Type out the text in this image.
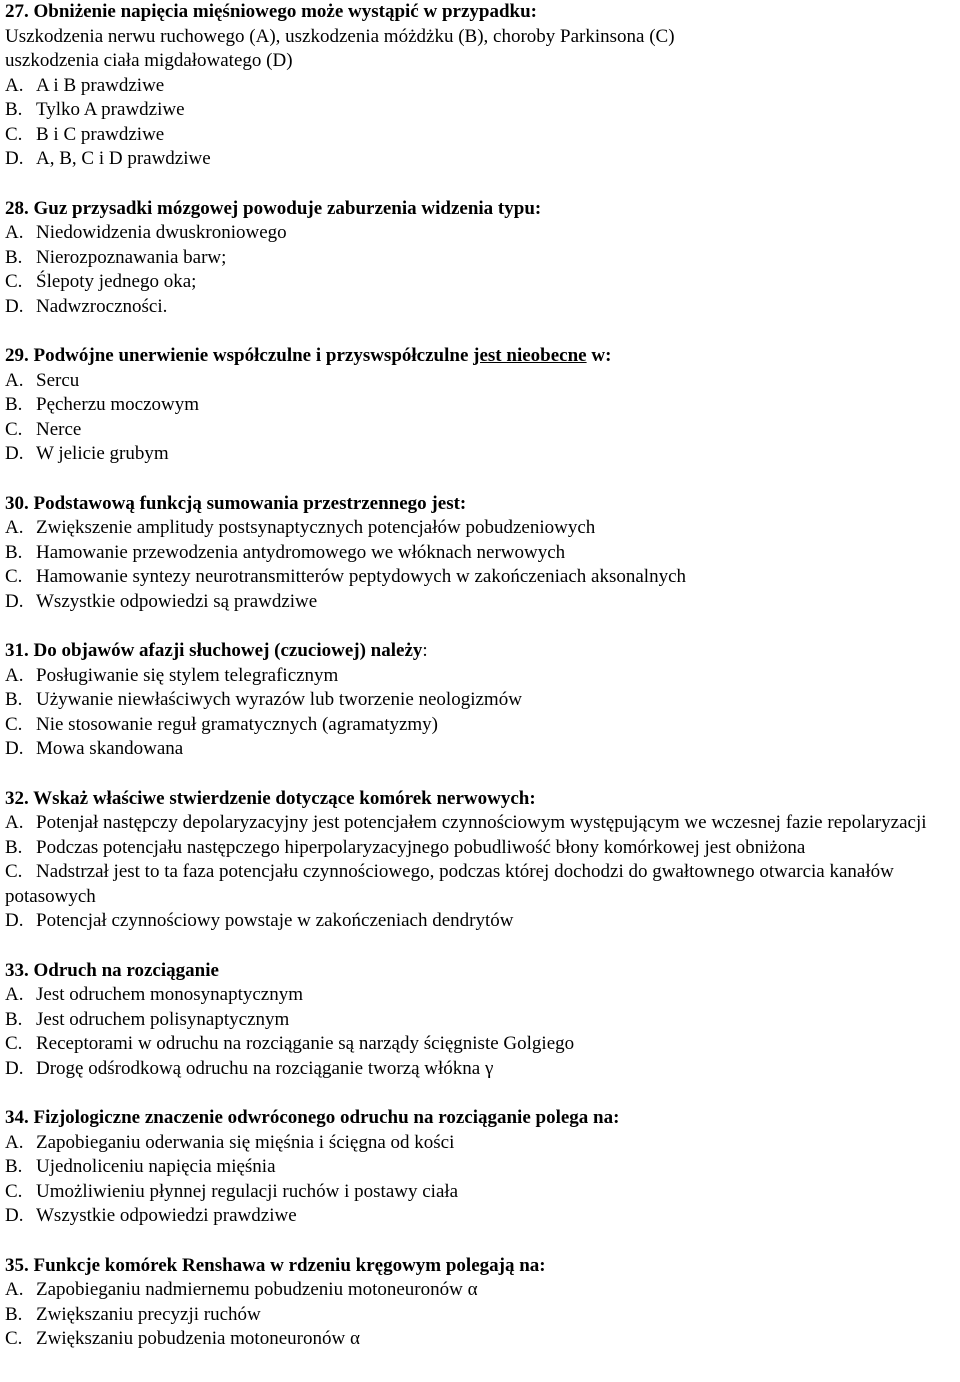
27. Obniżenie napięcia mięśniowego może wystąpić w przypadku:
Uszkodzenia nerwu ruchowego (A), uszkodzenia móżdżku (B), choroby Parkinsona (C)
uszkodzenia ciała migdałowatego (D)
A. A i B prawdziwe
B. Tylko A prawdziwe
C. B i C prawdziwe
D. A, B, C i D prawdziwe
28. Guz przysadki mózgowej powoduje zaburzenia widzenia typu:
A. Niedowidzenia dwuskroniowego
B. Nierozpoznawania barw;
C. Ślepoty jednego oka;
D. Nadwzroczności.
29. Podwójne unerwienie współczulne i przyswspółczulne jest nieobecne w:
A. Sercu
B. Pęcherzu moczowym
C. Nerce
D. W jelicie grubym
30. Podstawową funkcją sumowania przestrzennego jest:
A. Zwiększenie amplitudy postsynaptycznych potencjałów pobudzeniowych
B. Hamowanie przewodzenia antydromowego we włóknach nerwowych
C. Hamowanie syntezy neurotransmitterów peptydowych w zakończeniach aksonalnych
D. Wszystkie odpowiedzi są prawdziwe
31. Do objawów afazji słuchowej (czuciowej) należy:
A. Posługiwanie się stylem telegraficznym
B. Używanie niewłaściwych wyrazów lub tworzenie neologizmów
C. Nie stosowanie reguł gramatycznych (agramatyzmy)
D. Mowa skandowana
32. Wskaż właściwe stwierdzenie dotyczące komórek nerwowych:
A. Potenjał następczy depolaryzacyjny jest potencjałem czynnościowym występującym we wczesnej fazie repolaryzacji
B. Podczas potencjału następczego hiperpolaryzacyjnego pobudliwość błony komórkowej jest obniżona
C. Nadstrzał jest to ta faza potencjału czynnościowego, podczas której dochodzi do gwałtownego otwarcia kanałów potasowych
D. Potencjał czynnościowy powstaje w zakończeniach dendrytów
33. Odruch na rozciąganie
A. Jest odruchem monosynaptycznym
B. Jest odruchem polisynaptycznym
C. Receptorami w odruchu na rozciąganie są narządy ścięgniste Golgiego
D. Drogę odśrodkową odruchu na rozciąganie tworzą włókna γ
34. Fizjologiczne znaczenie odwróconego odruchu na rozciąganie polega na:
A. Zapobieganiu oderwania się mięśnia i ścięgna od kości
B. Ujednoliceniu napięcia mięśnia
C. Umożliwieniu płynnej regulacji ruchów i postawy ciała
D. Wszystkie odpowiedzi prawdziwe
35. Funkcje komórek Renshawa w rdzeniu kręgowym polegają na:
A. Zapobieganiu nadmiernemu pobudzeniu motoneuronów α
B. Zwiększaniu precyzji ruchów
C. Zwiększaniu pobudzenia motoneuronów α
